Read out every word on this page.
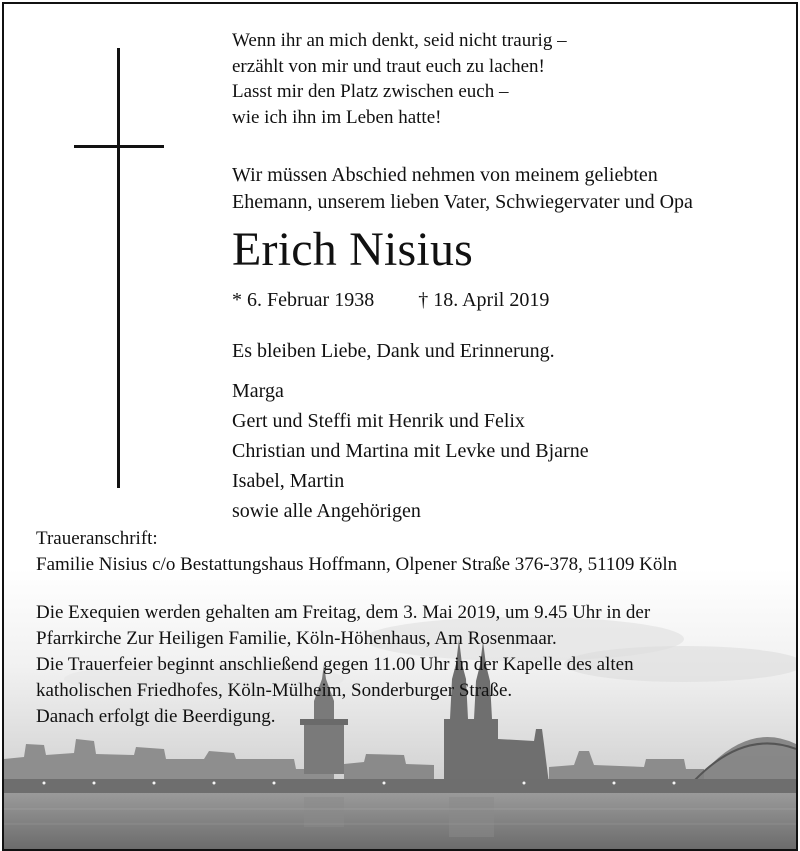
Wenn ihr an mich denkt, seid nicht traurig –
erzählt von mir und traut euch zu lachen!
Lasst mir den Platz zwischen euch –
wie ich ihn im Leben hatte!
Wir müssen Abschied nehmen von meinem geliebten
Ehemann, unserem lieben Vater, Schwiegervater und Opa
Erich Nisius
* 6. Februar 1938 † 18. April 2019
Es bleiben Liebe, Dank und Erinnerung.
Marga
Gert und Steffi mit Henrik und Felix
Christian und Martina mit Levke und Bjarne
Isabel, Martin
sowie alle Angehörigen
Traueranschrift:
Familie Nisius c/o Bestattungshaus Hoffmann, Olpener Straße 376-378, 51109 Köln
Die Exequien werden gehalten am Freitag, dem 3. Mai 2019, um 9.45 Uhr in der
Pfarrkirche Zur Heiligen Familie, Köln-Höhenhaus, Am Rosenmaar.
Die Trauerfeier beginnt anschließend gegen 11.00 Uhr in der Kapelle des alten
katholischen Friedhofes, Köln-Mülheim, Sonderburger Straße.
Danach erfolgt die Beerdigung.
